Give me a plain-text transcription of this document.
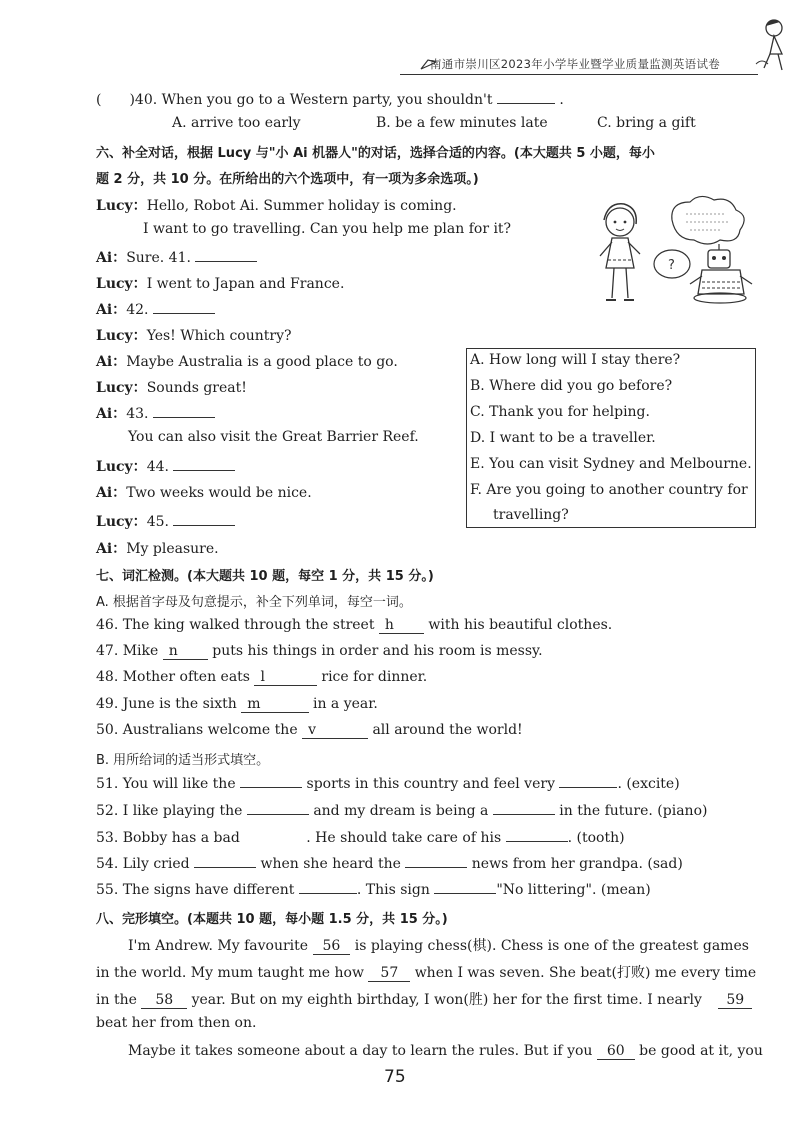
南通市崇川区2023年小学毕业暨学业质量监测英语试卷
(　　)40. When you go to a Western party, you shouldn't	.
A. arrive too early	B. be a few minutes late	C. bring a gift
六、补全对话，根据 Lucy 与"小 Ai 机器人"的对话，选择合适的内容。(本大题共 5 小题，每小
题 2 分，共 10 分。在所给出的六个选项中，有一项为多余选项。)
Lucy：Hello, Robot Ai. Summer holiday is coming.
I want to go travelling. Can you help me plan for it?
Ai：Sure. 41.
Lucy：I went to Japan and France.
Ai：42.
Lucy：Yes! Which country?
Ai：Maybe Australia is a good place to go.
Lucy：Sounds great!
Ai：43.
You can also visit the Great Barrier Reef.
Lucy：44.
Ai：Two weeks would be nice.
Lucy：45.
Ai：My pleasure.
?
A. How long will I stay there?
B. Where did you go before?
C. Thank you for helping.
D. I want to be a traveller.
E. You can visit Sydney and Melbourne.
F. Are you going to another country for
travelling?
七、词汇检测。(本大题共 10 题，每空 1 分，共 15 分。)
A. 根据首字母及句意提示，补全下列单词，每空一词。
46. The king walked through the street h with his beautiful clothes.
47. Mike n puts his things in order and his room is messy.
48. Mother often eats l	rice for dinner.
49. June is the sixth m	in a year.
50. Australians welcome the v	all around the world!
B. 用所给词的适当形式填空。
51. You will like the	sports in this country and feel very	. (excite)
52. I like playing the	and my dream is being a	in the future. (piano)
53. Bobby has a bad	. He should take care of his	. (tooth)
54. Lily cried	when she heard the	news from her grandpa. (sad)
55. The signs have different	. This sign	"No littering". (mean)
八、完形填空。(本题共 10 题，每小题 1.5 分，共 15 分。)
I'm Andrew. My favourite 56 is playing chess(棋). Chess is one of the greatest games
in the world. My mum taught me how 57 when I was seven. She beat(打败) me every time
in the 58 year. But on my eighth birthday, I won(胜) her for the first time. I nearly 59
beat her from then on.
Maybe it takes someone about a day to learn the rules. But if you 60 be good at it, you
75
